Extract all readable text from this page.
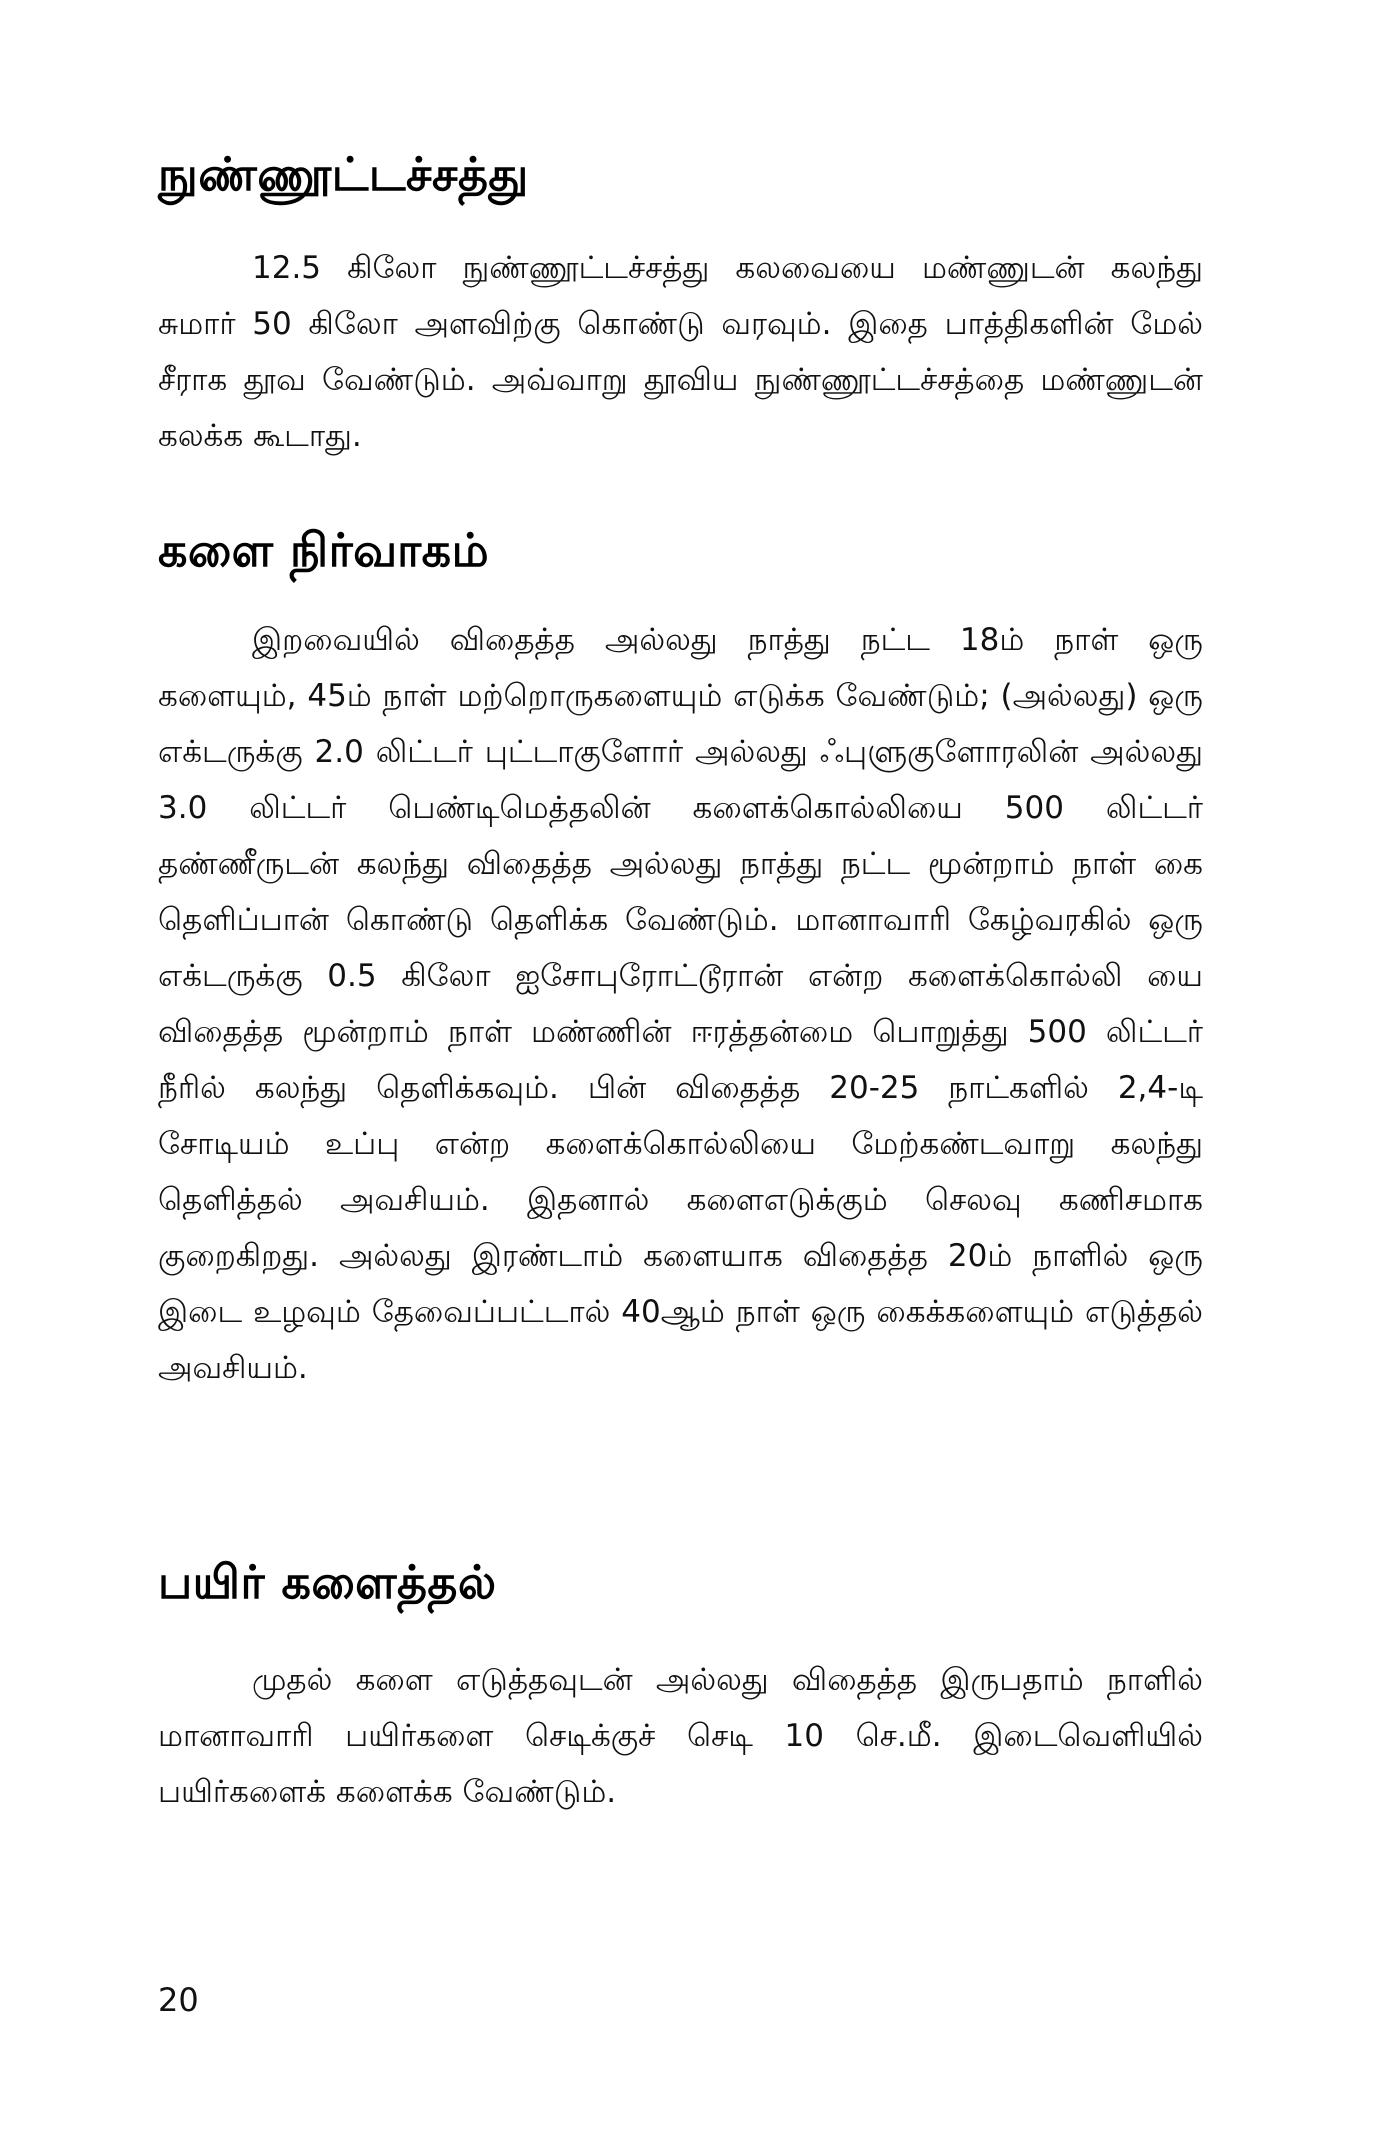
நுண்ணூட்டச்சத்து

12.5 கிலோ நுண்ணூட்டச்சத்து கலவையை மண்ணுடன் கலந்து சுமார் 50 கிலோ அளவிற்கு கொண்டு வரவும். இதை பாத்திகளின் மேல் சீராக தூவ வேண்டும். அவ்வாறு தூவிய நுண்ணூட்டச்சத்தை மண்ணுடன் கலக்க கூடாது.

களை நிர்வாகம்

இறவையில் விதைத்த அல்லது நாத்து நட்ட 18ம் நாள் ஒரு களையும், 45ம் நாள் மற்றொருகளையும் எடுக்க வேண்டும்; (அல்லது) ஒரு எக்டருக்கு 2.0 லிட்டர் புட்டாகுளோர் அல்லது ஃபுளுகுளோரலின் அல்லது 3.0 லிட்டர் பெண்டிமெத்தலின் களைக்கொல்லியை 500 லிட்டர் தண்ணீருடன் கலந்து விதைத்த அல்லது நாத்து நட்ட மூன்றாம் நாள் கை தெளிப்பான் கொண்டு தெளிக்க வேண்டும். மானாவாரி கேழ்வரகில் ஒரு எக்டருக்கு 0.5 கிலோ ஐசோபுரோட்டூரான் என்ற களைக்கொல்லி யை விதைத்த மூன்றாம் நாள் மண்ணின் ஈரத்தன்மை பொறுத்து 500 லிட்டர் நீரில் கலந்து தெளிக்கவும். பின் விதைத்த 20-25 நாட்களில் 2,4-டி சோடியம் உப்பு என்ற களைக்கொல்லியை மேற்கண்டவாறு கலந்து தெளித்தல் அவசியம். இதனால் களைஎடுக்கும் செலவு கணிசமாக குறைகிறது. அல்லது இரண்டாம் களையாக விதைத்த 20ம் நாளில் ஒரு இடை உழவும் தேவைப்பட்டால் 40ஆம் நாள் ஒரு கைக்களையும் எடுத்தல் அவசியம்.

பயிர் களைத்தல்

முதல் களை எடுத்தவுடன் அல்லது விதைத்த இருபதாம் நாளில் மானாவாரி பயிர்களை செடிக்குச் செடி 10 செ.மீ. இடைவெளியில் பயிர்களைக் களைக்க வேண்டும்.

20
